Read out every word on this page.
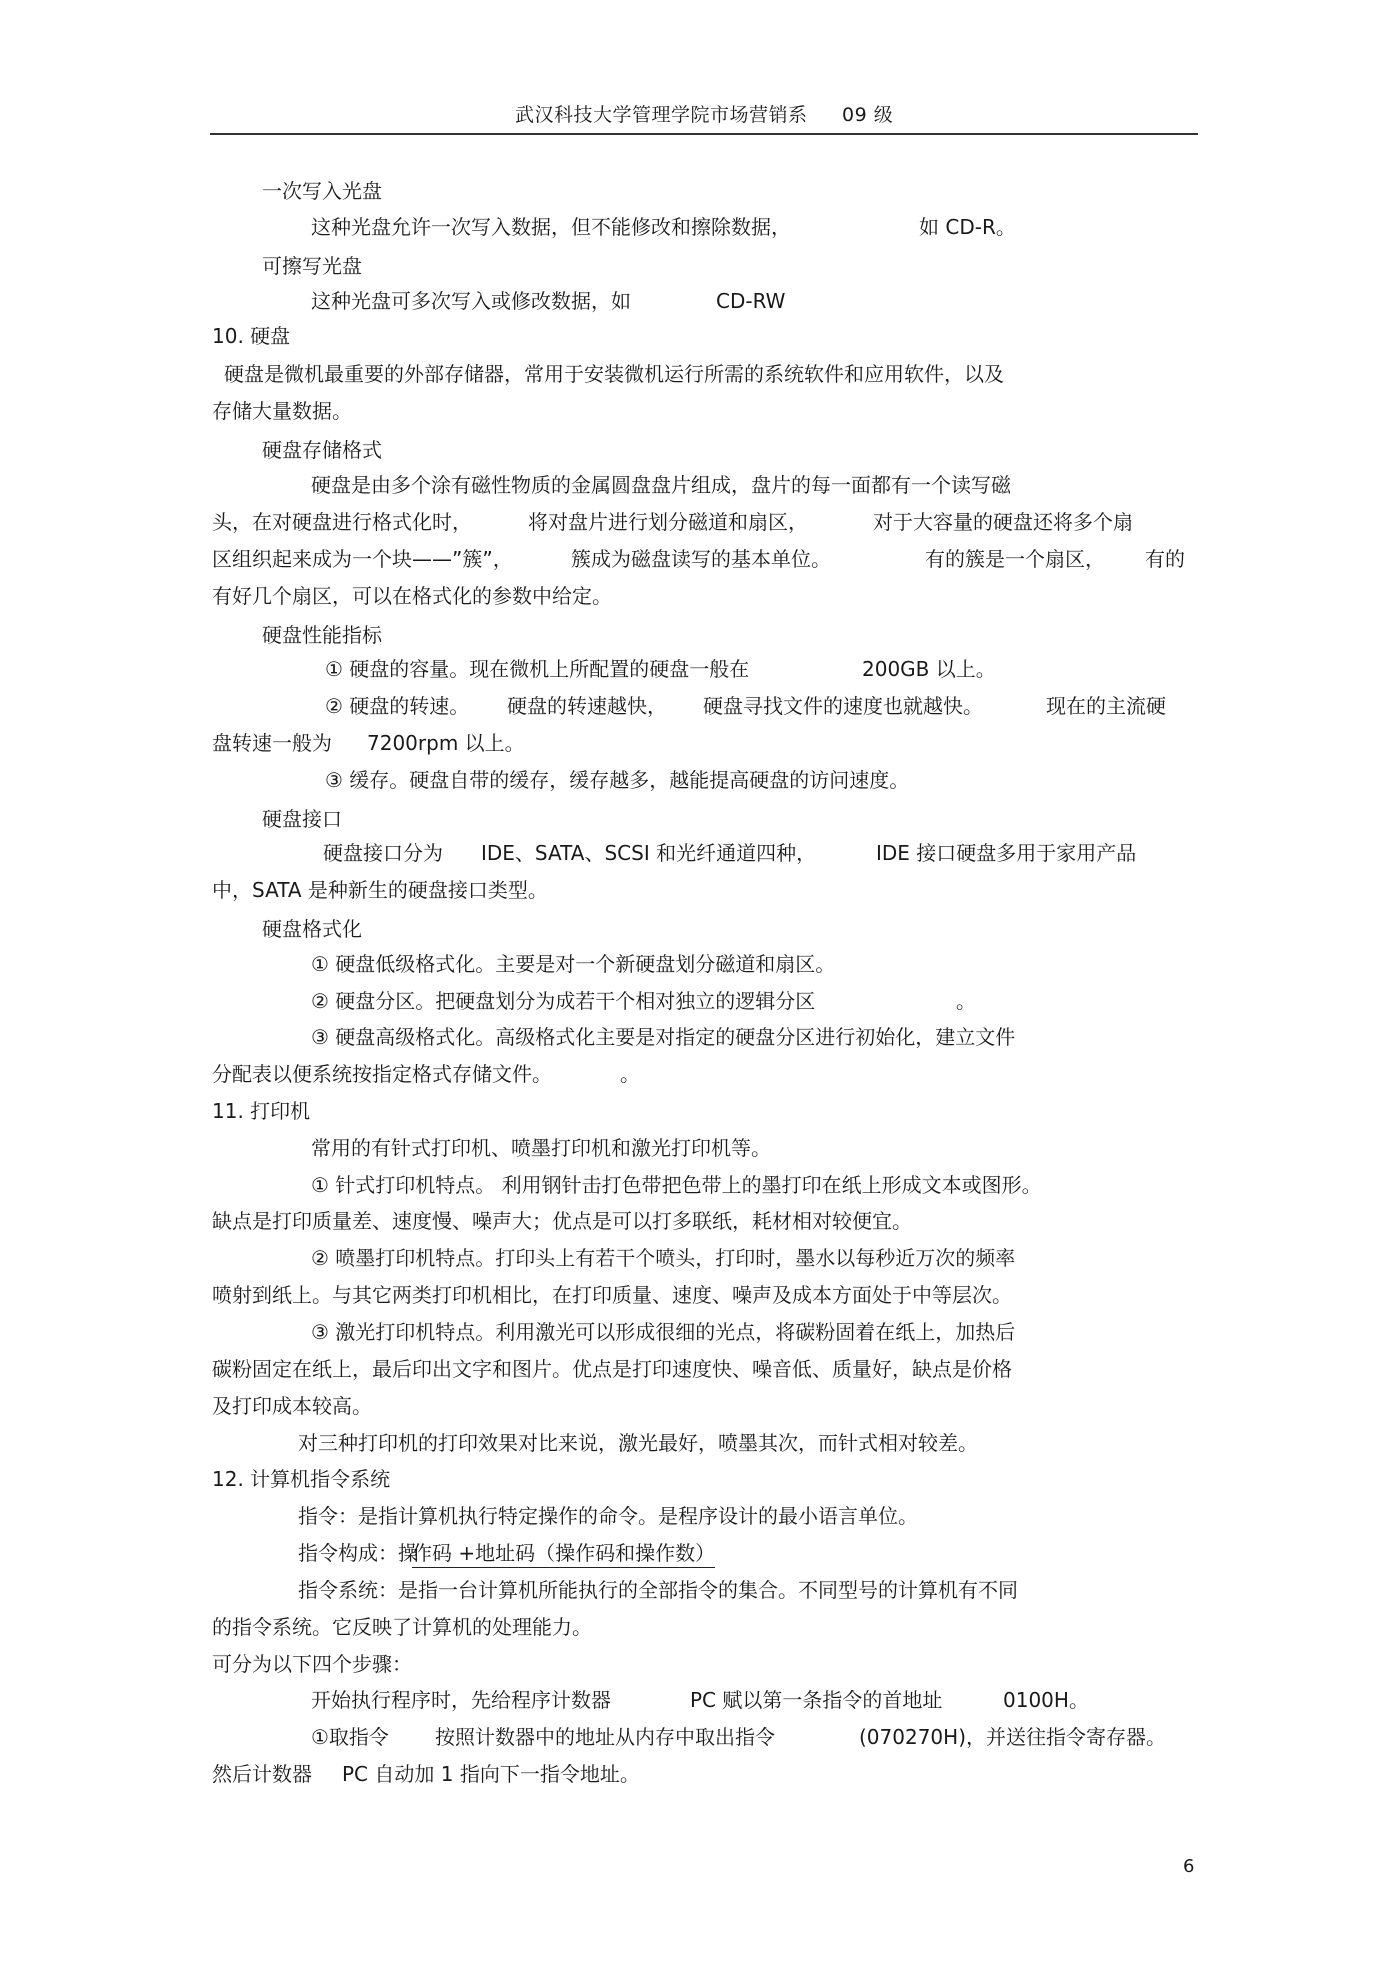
武汉科技大学管理学院市场营销系 09 级
一次写入光盘
这种光盘允许一次写入数据，但不能修改和擦除数据，	如 CD-R。
可擦写光盘
这种光盘可多次写入或修改数据，如	CD-RW
10. 硬盘
硬盘是微机最重要的外部存储器，常用于安装微机运行所需的系统软件和应用软件，以及
存储大量数据。
硬盘存储格式
硬盘是由多个涂有磁性物质的金属圆盘盘片组成，盘片的每一面都有一个读写磁
头，在对硬盘进行格式化时，	将对盘片进行划分磁道和扇区，	对于大容量的硬盘还将多个扇
区组织起来成为一个块——”簇”，	簇成为磁盘读写的基本单位。	有的簇是一个扇区， 有的
有好几个扇区，可以在格式化的参数中给定。
硬盘性能指标
① 硬盘的容量。现在微机上所配置的硬盘一般在	200GB 以上。
② 硬盘的转速。 硬盘的转速越快， 硬盘寻找文件的速度也就越快。	现在的主流硬
盘转速一般为 7200rpm 以上。
③ 缓存。硬盘自带的缓存，缓存越多，越能提高硬盘的访问速度。
硬盘接口
硬盘接口分为 IDE、SATA、SCSI 和光纤通道四种，	IDE 接口硬盘多用于家用产品
中，SATA 是种新生的硬盘接口类型。
硬盘格式化
① 硬盘低级格式化。主要是对一个新硬盘划分磁道和扇区。
② 硬盘分区。把硬盘划分为成若干个相对独立的逻辑分区	。
③ 硬盘高级格式化。高级格式化主要是对指定的硬盘分区进行初始化，建立文件
分配表以便系统按指定格式存储文件。	。
11. 打印机
常用的有针式打印机、喷墨打印机和激光打印机等。
① 针式打印机特点。 利用钢针击打色带把色带上的墨打印在纸上形成文本或图形。
缺点是打印质量差、速度慢、噪声大；优点是可以打多联纸，耗材相对较便宜。
② 喷墨打印机特点。打印头上有若干个喷头，打印时，墨水以每秒近万次的频率
喷射到纸上。与其它两类打印机相比，在打印质量、速度、噪声及成本方面处于中等层次。
③ 激光打印机特点。利用激光可以形成很细的光点，将碳粉固着在纸上，加热后
碳粉固定在纸上，最后印出文字和图片。优点是打印速度快、噪音低、质量好，缺点是价格
及打印成本较高。
对三种打印机的打印效果对比来说，激光最好，喷墨其次，而针式相对较差。
12. 计算机指令系统
指令：是指计算机执行特定操作的命令。是程序设计的最小语言单位。
指令构成：操
作码 +地址码（操作码和操作数）
指令系统：是指一台计算机所能执行的全部指令的集合。不同型号的计算机有不同
的指令系统。它反映了计算机的处理能力。
可分为以下四个步骤：
开始执行程序时，先给程序计数器	PC 赋以第一条指令的首地址	0100H。
①取指令 按照计数器中的地址从内存中取出指令	(070270H)，并送往指令寄存器。
然后计数器 PC 自动加 1 指向下一指令地址。
6
